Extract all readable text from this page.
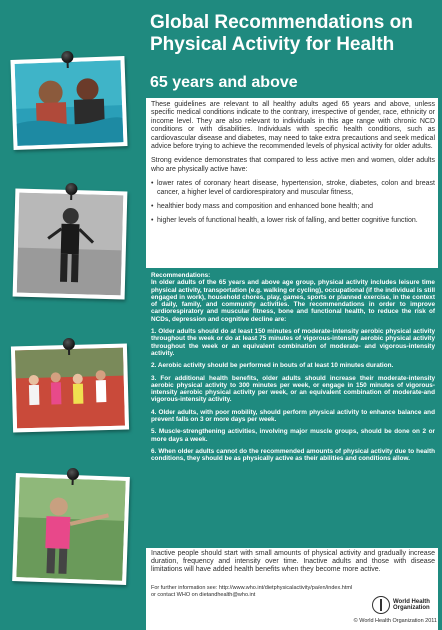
Global Recommendations on
Physical Activity for Health
65 years and above

These guidelines are relevant to all healthy adults aged 65 years and above, unless specific medical conditions indicate to the contrary, irrespective of gender, race, ethnicity or income level. They are also relevant to individuals in this age range with chronic NCD conditions or with disabilities. Individuals with specific health conditions, such as cardiovascular disease and diabetes, may need to take extra precautions and seek medical advice before trying to achieve the recommended levels of physical activity for older adults.

Strong evidence demonstrates that compared to less active men and women, older adults who are physically active have:

• lower rates of coronary heart disease, hypertension, stroke, diabetes, colon and breast cancer, a higher level of cardiorespiratory and muscular fitness,
• healthier body mass and composition and enhanced bone health; and
• higher levels of functional health, a lower risk of falling, and better cognitive function.

Recommendations:

In older adults of the 65 years and above age group, physical activity includes leisure time physical activity, transportation (e.g. walking or cycling), occupational (if the individual is still engaged in work), household chores, play, games, sports or planned exercise, in the context of daily, family, and community activities. The recommendations in order to improve cardiorespiratory and muscular fitness, bone and functional health, to reduce the risk of NCDs, depression and cognitive decline are:

1. Older adults should do at least 150 minutes of moderate-intensity aerobic physical activity throughout the week or do at least 75 minutes of vigorous-intensity aerobic physical activity throughout the week or an equivalent combination of moderate- and vigorous-intensity activity.

2. Aerobic activity should be performed in bouts of at least 10 minutes duration.

3. For additional health benefits, older adults should increase their moderate-intensity aerobic physical activity to 300 minutes per week, or engage in 150 minutes of vigorous-intensity aerobic physical activity per week, or an equivalent combination of moderate-and vigorous-intensity activity.

4. Older adults, with poor mobility, should perform physical activity to enhance balance and prevent falls on 3 or more days per week.

5. Muscle-strengthening activities, involving major muscle groups, should be done on 2 or more days a week.

6. When older adults cannot do the recommended amounts of physical activity due to health conditions, they should be as physically active as their abilities and conditions allow.

Inactive people should start with small amounts of physical activity and gradually increase duration, frequency and intensity over time. Inactive adults and those with disease limitations will have added health benefits when they become more active.
For further information see: http://www.who.int/dietphysicalactivity/pa/en/index.html
or contact WHO on dietandhealth@who.int
World Health
Organization
© World Health Organization 2011
